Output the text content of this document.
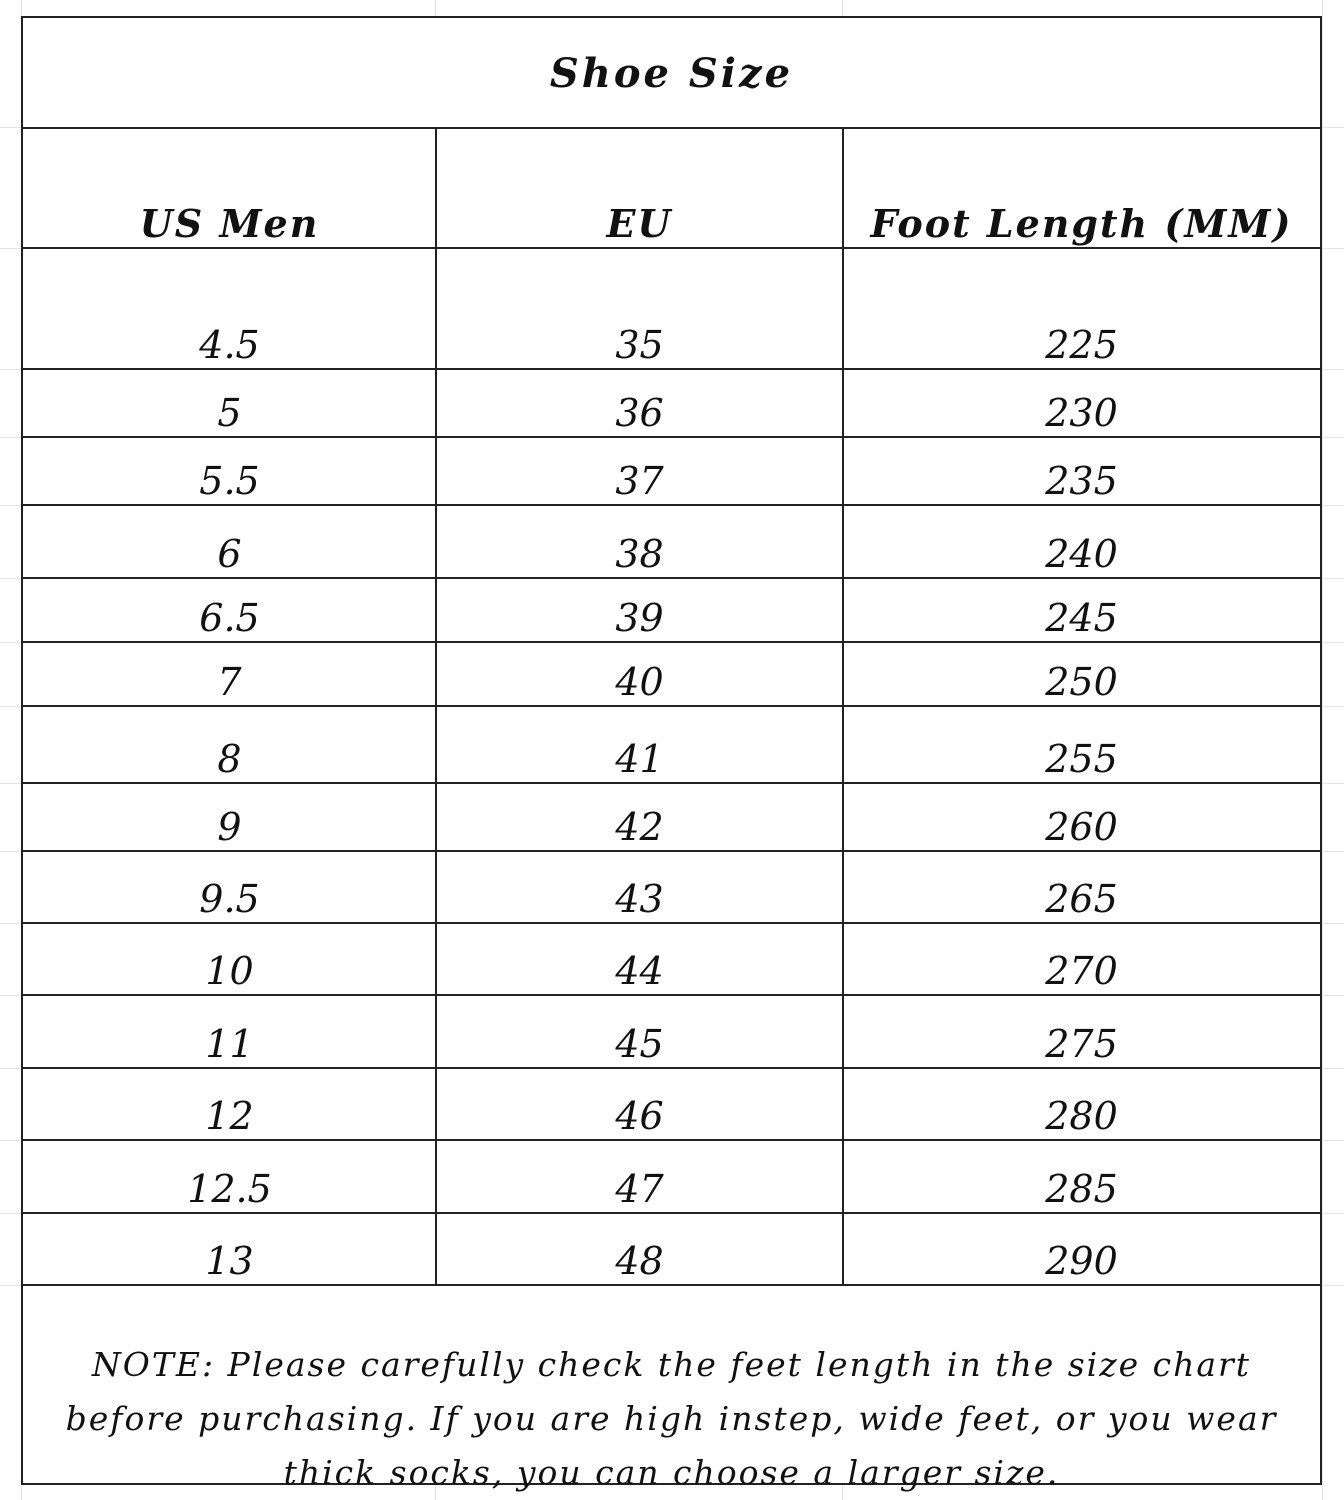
Shoe Size
US Men	EU	Foot Length (MM)
4.5	35	225
5	36	230
5.5	37	235
6	38	240
6.5	39	245
7	40	250
8	41	255
9	42	260
9.5	43	265
10	44	270
11	45	275
12	46	280
12.5	47	285
13	48	290
NOTE: Please carefully check the feet length in the size chart before purchasing. If you are high instep, wide feet, or you wear thick socks, you can choose a larger size.
